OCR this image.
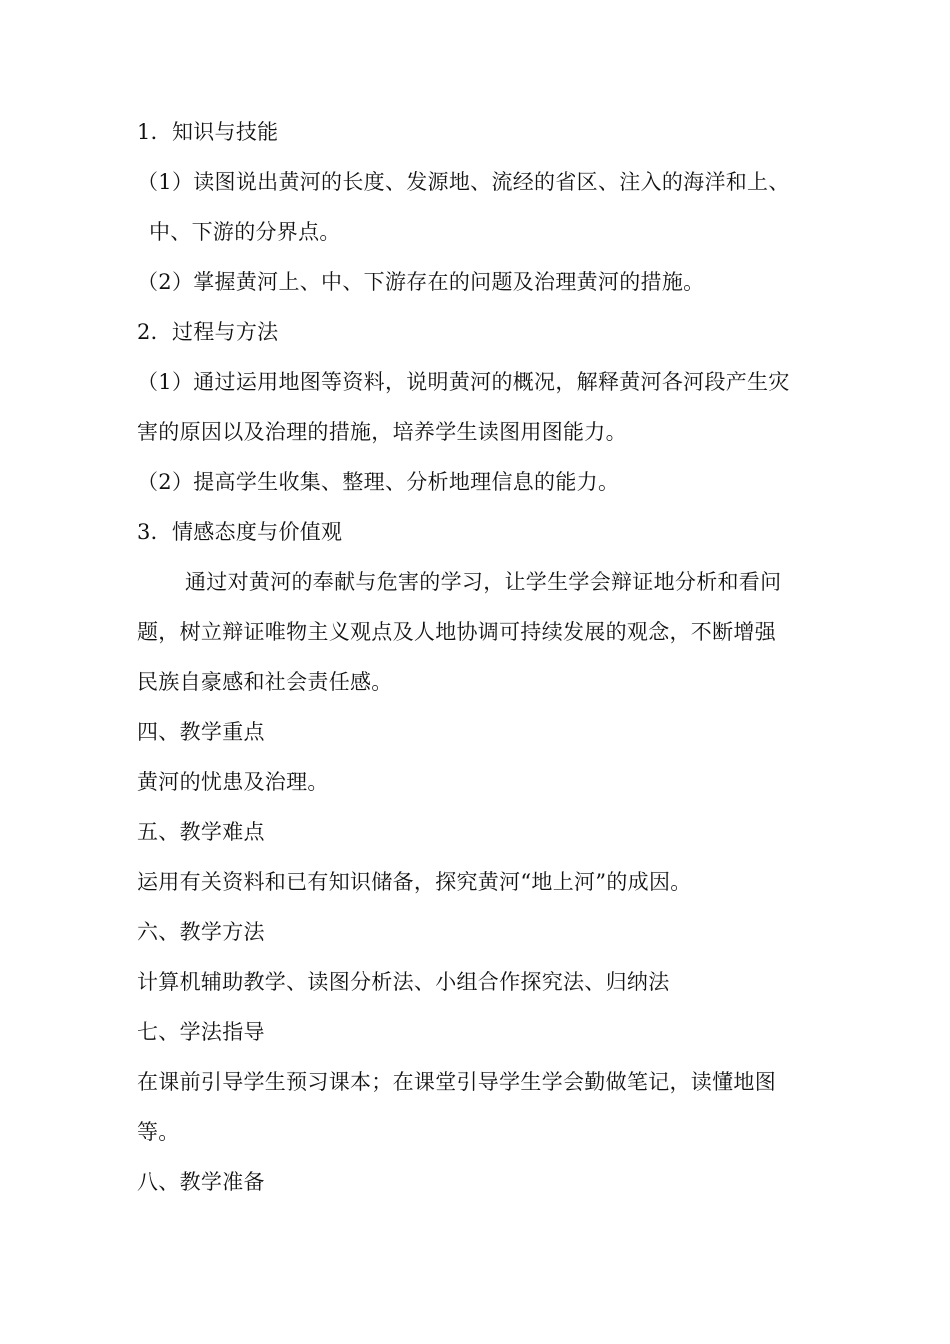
1．知识与技能
（1）读图说出黄河的长度、发源地、流经的省区、注入的海洋和上、
中、下游的分界点。
（2）掌握黄河上、中、下游存在的问题及治理黄河的措施。
2．过程与方法
（1）通过运用地图等资料，说明黄河的概况，解释黄河各河段产生灾
害的原因以及治理的措施，培养学生读图用图能力。
（2）提高学生收集、整理、分析地理信息的能力。
3．情感态度与价值观
通过对黄河的奉献与危害的学习，让学生学会辩证地分析和看问
题，树立辩证唯物主义观点及人地协调可持续发展的观念，不断增强
民族自豪感和社会责任感。
四、教学重点
黄河的忧患及治理。
五、教学难点
运用有关资料和已有知识储备，探究黄河“地上河”的成因。
六、教学方法
计算机辅助教学、读图分析法、小组合作探究法、归纳法
七、学法指导
在课前引导学生预习课本；在课堂引导学生学会勤做笔记，读懂地图
等。
八、教学准备
